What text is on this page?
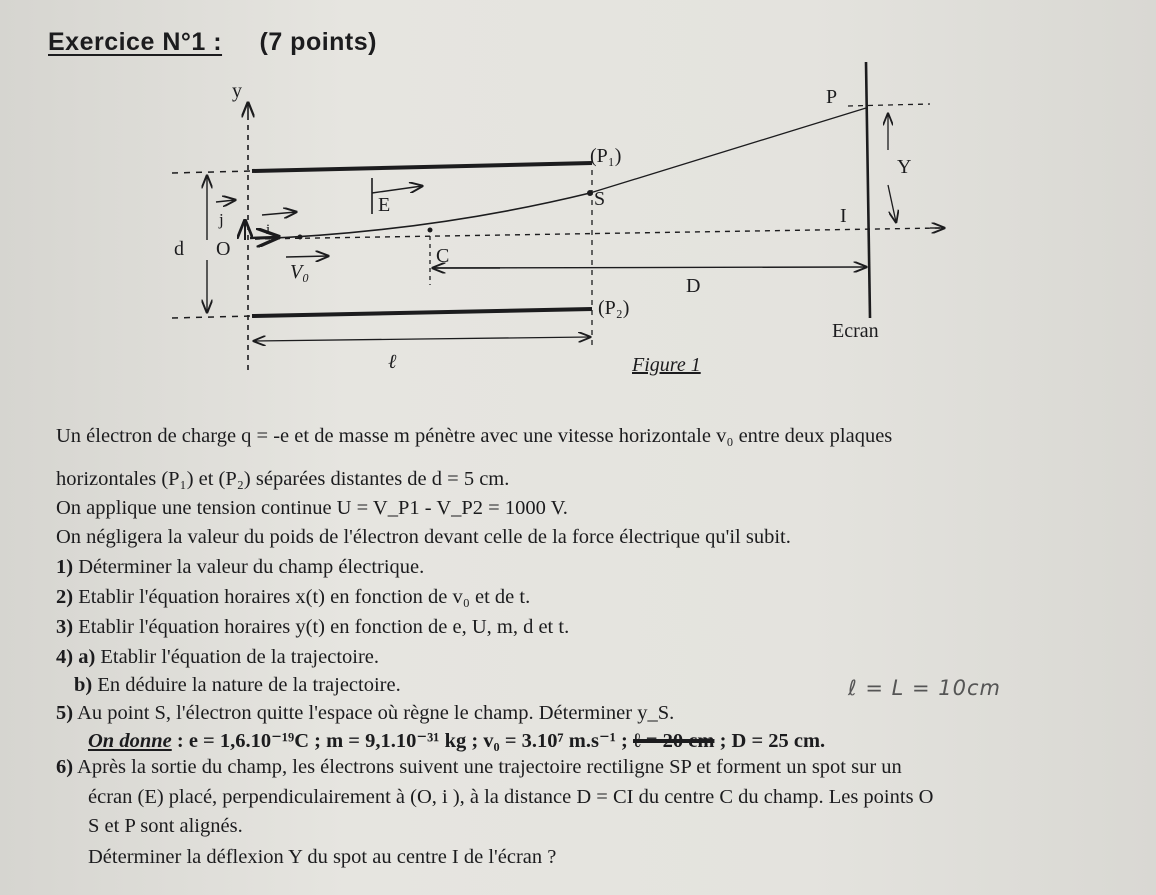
Exercice N°1 : (7 points)
y
(P₁)
(P₂)
d O
j
i
E
V₀
S
C
D
ℓ
Ecran
P
I
Y
Figure 1
Un électron de charge q = -e et de masse m pénètre avec une vitesse horizontale v₀ entre deux plaques
horizontales (P₁) et (P₂) séparées distantes de d = 5 cm.
On applique une tension continue U = V_P1 - V_P2 = 1000 V.
On négligera la valeur du poids de l'électron devant celle de la force électrique qu'il subit.
1) Déterminer la valeur du champ électrique.
2) Etablir l'équation horaires x(t) en fonction de v₀ et de t.
3) Etablir l'équation horaires y(t) en fonction de e, U, m, d et t.
4) a) Etablir l'équation de la trajectoire.
b) En déduire la nature de la trajectoire.
5) Au point S, l'électron quitte l'espace où règne le champ. Déterminer y_S.
On donne : e = 1,6.10⁻¹⁹C ; m = 9,1.10⁻³¹ kg ; v₀ = 3.10⁷ m.s⁻¹ ; ℓ = 20 cm ; D = 25 cm.
6) Après la sortie du champ, les électrons suivent une trajectoire rectiligne SP et forment un spot sur un
écran (E) placé, perpendiculairement à (O, i ), à la distance D = CI du centre C du champ. Les points O
S et P sont alignés.
Déterminer la déflexion Y du spot au centre I de l'écran ?
ℓ = L = 10cm
